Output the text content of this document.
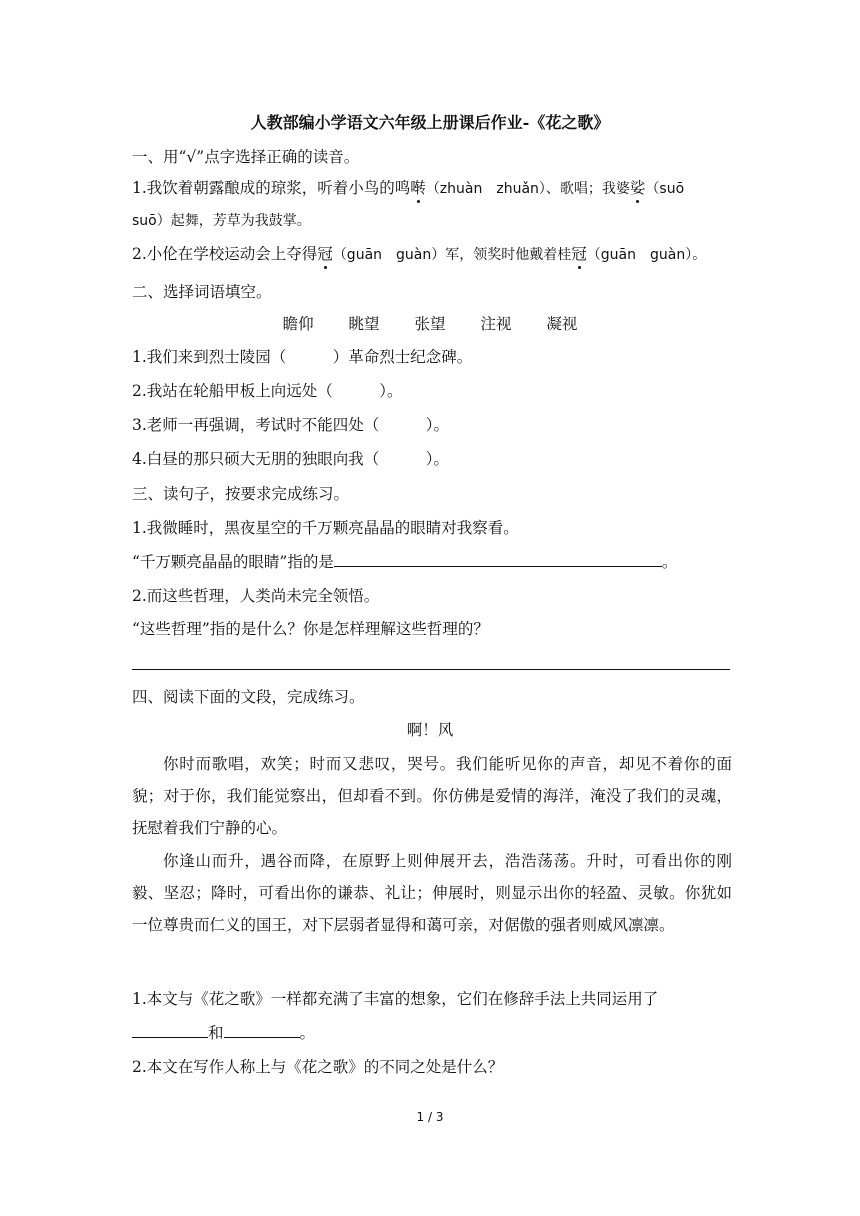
人教部编小学语文六年级上册课后作业-《花之歌》
一、用“√”点字选择正确的读音。
1.我饮着朝露酿成的琼浆，听着小鸟的鸣啭（zhuàn　zhuǎn）、歌唱；我婆娑（suō
suō）起舞，芳草为我鼓掌。
2.小伦在学校运动会上夺得冠（guān　guàn）军，领奖时他戴着桂冠（guān　guàn）。
二、选择词语填空。
瞻仰 眺望 张望 注视 凝视
1.我们来到烈士陵园（　　　）革命烈士纪念碑。
2.我站在轮船甲板上向远处（　　　）。
3.老师一再强调，考试时不能四处（　　　）。
4.白昼的那只硕大无朋的独眼向我（　　　）。
三、读句子，按要求完成练习。
1.我微睡时，黑夜星空的千万颗亮晶晶的眼睛对我察看。
“千万颗亮晶晶的眼睛”指的是	。
2.而这些哲理，人类尚未完全领悟。
“这些哲理”指的是什么？你是怎样理解这些哲理的？
四、阅读下面的文段，完成练习。
啊！风
你时而歌唱，欢笑；时而又悲叹，哭号。我们能听见你的声音，却见不着你的面貌；对于你，我们能觉察出，但却看不到。你仿佛是爱情的海洋，淹没了我们的灵魂，抚慰着我们宁静的心。
你逢山而升，遇谷而降，在原野上则伸展开去，浩浩荡荡。升时，可看出你的刚毅、坚忍；降时，可看出你的谦恭、礼让；伸展时，则显示出你的轻盈、灵敏。你犹如一位尊贵而仁义的国王，对下层弱者显得和蔼可亲，对倨傲的强者则威风凛凛。
1.本文与《花之歌》一样都充满了丰富的想象，它们在修辞手法上共同运用了
和	。
2.本文在写作人称上与《花之歌》的不同之处是什么？
1 / 3
